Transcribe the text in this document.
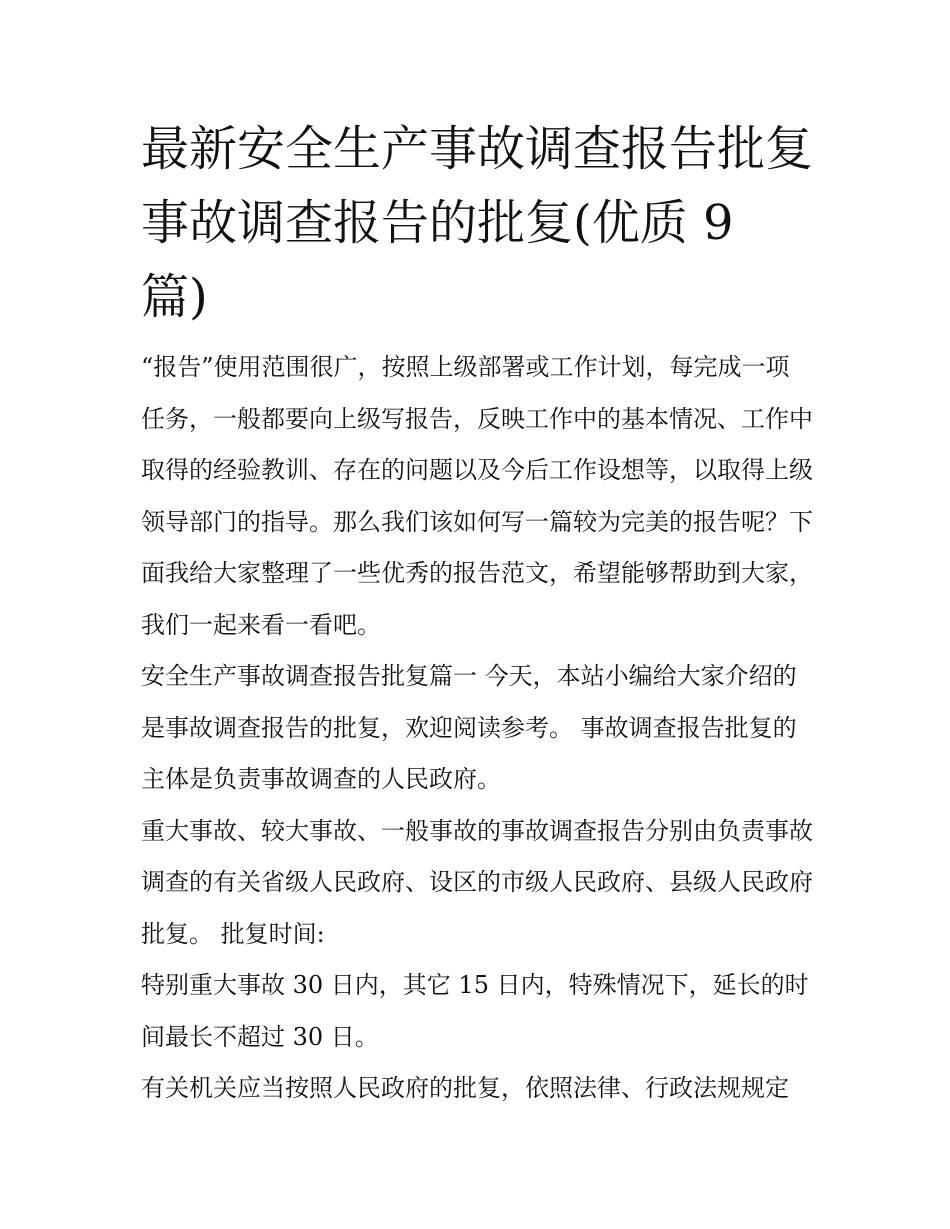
最新安全生产事故调查报告批复 事故调查报告的批复(优质 9 篇)

“报告”使用范围很广，按照上级部署或工作计划，每完成一项任务，一般都要向上级写报告，反映工作中的基本情况、工作中取得的经验教训、存在的问题以及今后工作设想等，以取得上级领导部门的指导。那么我们该如何写一篇较为完美的报告呢？下面我给大家整理了一些优秀的报告范文，希望能够帮助到大家，我们一起来看一看吧。

安全生产事故调查报告批复篇一 今天，本站小编给大家介绍的是事故调查报告的批复，欢迎阅读参考。 事故调查报告批复的主体是负责事故调查的人民政府。

重大事故、较大事故、一般事故的事故调查报告分别由负责事故调查的有关省级人民政府、设区的市级人民政府、县级人民政府批复。 批复时间:

特别重大事故 30 日内，其它 15 日内，特殊情况下，延长的时间最长不超过 30 日。

有关机关应当按照人民政府的批复，依照法律、行政法规规定
